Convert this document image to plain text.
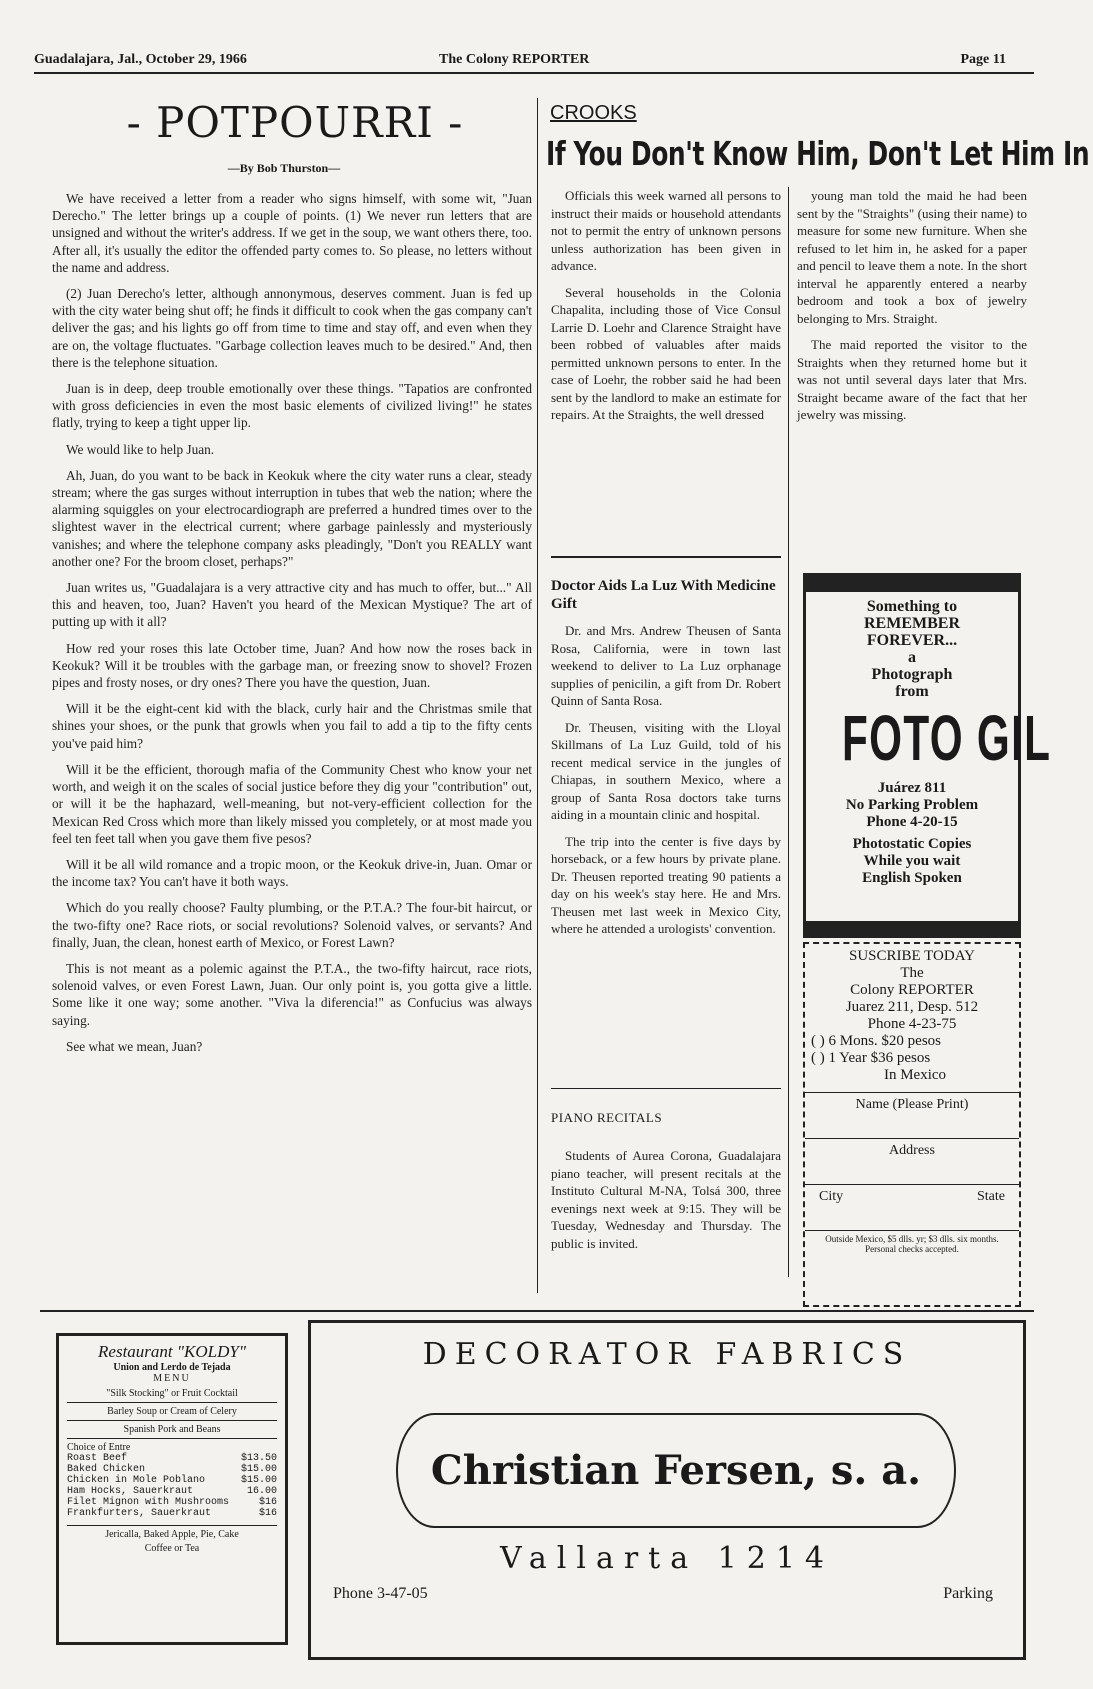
Guadalajara, Jal., October 29, 1966	The Colony REPORTER	Page 11
- POTPOURRI -
—By Bob Thurston—

We have received a letter from a reader who signs himself, with some wit, "Juan Derecho." The letter brings up a couple of points. (1) We never run letters that are unsigned and without the writer's address. If we get in the soup, we want others there, too. After all, it's usually the editor the offended party comes to. So please, no letters without the name and address.

(2) Juan Derecho's letter, although annonymous, deserves comment. Juan is fed up with the city water being shut off; he finds it difficult to cook when the gas company can't deliver the gas; and his lights go off from time to time and stay off, and even when they are on, the voltage fluctuates. "Garbage collection leaves much to be desired." And, then there is the telephone situation.

Juan is in deep, deep trouble emotionally over these things. "Tapatios are confronted with gross deficiencies in even the most basic elements of civilized living!" he states flatly, trying to keep a tight upper lip.

We would like to help Juan.

Ah, Juan, do you want to be back in Keokuk where the city water runs a clear, steady stream; where the gas surges without interruption in tubes that web the nation; where the alarming squiggles on your electrocardiograph are preferred a hundred times over to the slightest waver in the electrical current; where garbage painlessly and mysteriously vanishes; and where the telephone company asks pleadingly, "Don't you REALLY want another one? For the broom closet, perhaps?"

Juan writes us, "Guadalajara is a very attractive city and has much to offer, but..." All this and heaven, too, Juan? Haven't you heard of the Mexican Mystique? The art of putting up with it all?

How red your roses this late October time, Juan? And how now the roses back in Keokuk? Will it be troubles with the garbage man, or freezing snow to shovel? Frozen pipes and frosty noses, or dry ones? There you have the question, Juan.

Will it be the eight-cent kid with the black, curly hair and the Christmas smile that shines your shoes, or the punk that growls when you fail to add a tip to the fifty cents you've paid him?

Will it be the efficient, thorough mafia of the Community Chest who know your net worth, and weigh it on the scales of social justice before they dig your "contribution" out, or will it be the haphazard, well-meaning, but not-very-efficient collection for the Mexican Red Cross which more than likely missed you completely, or at most made you feel ten feet tall when you gave them five pesos?

Will it be all wild romance and a tropic moon, or the Keokuk drive-in, Juan. Omar or the income tax? You can't have it both ways.

Which do you really choose? Faulty plumbing, or the P.T.A.? The four-bit haircut, or the two-fifty one? Race riots, or social revolutions? Solenoid valves, or servants? And finally, Juan, the clean, honest earth of Mexico, or Forest Lawn?

This is not meant as a polemic against the P.T.A., the two-fifty haircut, race riots, solenoid valves, or even Forest Lawn, Juan. Our only point is, you gotta give a little. Some like it one way; some another. "Viva la diferencia!" as Confucius was always saying.

See what we mean, Juan?

CROOKS
If You Don't Know Him, Don't Let Him In

Officials this week warned all persons to instruct their maids or household attendants not to permit the entry of unknown persons unless authorization has been given in advance.

Several households in the Colonia Chapalita, including those of Vice Consul Larrie D. Loehr and Clarence Straight have been robbed of valuables after maids permitted unknown persons to enter. In the case of Loehr, the robber said he had been sent by the landlord to make an estimate for repairs. At the Straights, the well dressed

young man told the maid he had been sent by the "Straights" (using their name) to measure for some new furniture. When she refused to let him in, he asked for a paper and pencil to leave them a note. In the short interval he apparently entered a nearby bedroom and took a box of jewelry belonging to Mrs. Straight.

The maid reported the visitor to the Straights when they returned home but it was not until several days later that Mrs. Straight became aware of the fact that her jewelry was missing.

Doctor Aids La Luz With Medicine Gift

Dr. and Mrs. Andrew Theusen of Santa Rosa, California, were in town last weekend to deliver to La Luz orphanage supplies of penicilin, a gift from Dr. Robert Quinn of Santa Rosa.

Dr. Theusen, visiting with the Lloyal Skillmans of La Luz Guild, told of his recent medical service in the jungles of Chiapas, in southern Mexico, where a group of Santa Rosa doctors take turns aiding in a mountain clinic and hospital.

The trip into the center is five days by horseback, or a few hours by private plane. Dr. Theusen reported treating 90 patients a day on his week's stay here. He and Mrs. Theusen met last week in Mexico City, where he attended a urologists' convention.

PIANO RECITALS

Students of Aurea Corona, Guadalajara piano teacher, will present recitals at the Instituto Cultural M-NA, Tolsá 300, three evenings next week at 9:15. They will be Tuesday, Wednesday and Thursday. The public is invited.

Something to
REMEMBER
FOREVER...
a
Photograph
from
FOTO GIL
Juárez 811
No Parking Problem
Phone 4-20-15
Photostatic Copies
While you wait
English Spoken
SUSCRIBE TODAY
The
Colony REPORTER
Juarez 211, Desp. 512
Phone 4-23-75
( ) 6 Mons. $20 pesos
( ) 1 Year $36 pesos
In Mexico
Name (Please Print)
Address
City	State
Outside Mexico, $5 dlls. yr; $3 dlls. six months. Personal checks accepted.
Restaurant "KOLDY"
Union and Lerdo de Tejada
MENU
"Silk Stocking" or Fruit Cocktail
Barley Soup or Cream of Celery
Spanish Pork and Beans
Choice of Entre
Roast Beef	$13.50
Baked Chicken	$15.00
Chicken in Mole Poblano	$15.00
Ham Hocks, Sauerkraut	16.00
Filet Mignon with Mushrooms	$16
Frankfurters, Sauerkraut	$16
Jericalla, Baked Apple, Pie, Cake
Coffee or Tea
DECORATOR FABRICS
Christian Fersen, s. a.
Vallarta 1214
Phone 3-47-05	Parking
